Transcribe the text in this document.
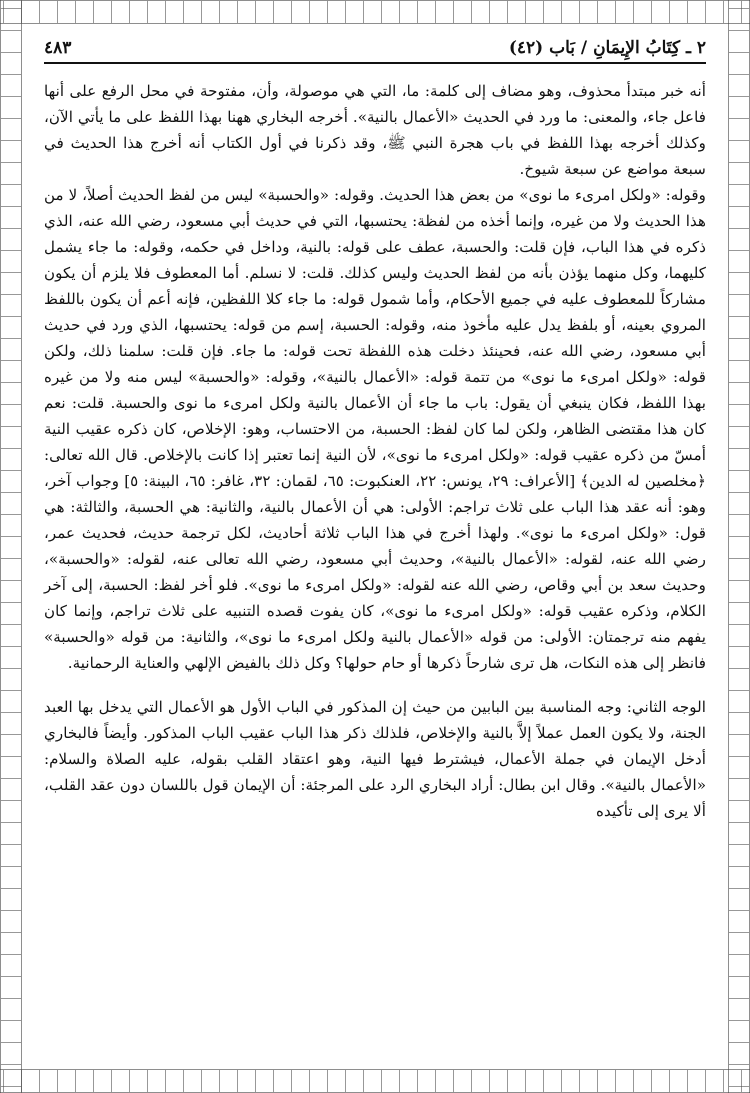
٢ ـ كِتَابُ الإِيمَانِ / بَاب (٤٢)
٤٨٣

أنه خبر مبتدأ محذوف، وهو مضاف إلى كلمة: ما، التي هي موصولة، وأن، مفتوحة في محل الرفع على أنها فاعل جاء، والمعنى: ما ورد في الحديث «الأعمال بالنية». أخرجه البخاري ههنا بهذا اللفظ على ما يأتي الآن، وكذلك أخرجه بهذا اللفظ في باب هجرة النبي ﷺ، وقد ذكرنا في أول الكتاب أنه أخرج هذا الحديث في سبعة مواضع عن سبعة شيوخ.

وقوله: «ولكل امرىء ما نوى» من بعض هذا الحديث. وقوله: «والحسبة» ليس من لفظ الحديث أصلاً، لا من هذا الحديث ولا من غيره، وإنما أخذه من لفظة: يحتسبها، التي في حديث أبي مسعود، رضي الله عنه، الذي ذكره في هذا الباب، فإن قلت: والحسبة، عطف على قوله: بالنية، وداخل في حكمه، وقوله: ما جاء يشمل كليهما، وكل منهما يؤذن بأنه من لفظ الحديث وليس كذلك. قلت: لا نسلم. أما المعطوف فلا يلزم أن يكون مشاركاً للمعطوف عليه في جميع الأحكام، وأما شمول قوله: ما جاء كلا اللفظين، فإنه أعم أن يكون باللفظ المروي بعينه، أو بلفظ يدل عليه مأخوذ منه، وقوله: الحسبة، إسم من قوله: يحتسبها، الذي ورد في حديث أبي مسعود، رضي الله عنه، فحينئذ دخلت هذه اللفظة تحت قوله: ما جاء. فإن قلت: سلمنا ذلك، ولكن قوله: «ولكل امرىء ما نوى» من تتمة قوله: «الأعمال بالنية»، وقوله: «والحسبة» ليس منه ولا من غيره بهذا اللفظ، فكان ينبغي أن يقول: باب ما جاء أن الأعمال بالنية ولكل امرىء ما نوى والحسبة. قلت: نعم كان هذا مقتضى الظاهر، ولكن لما كان لفظ: الحسبة، من الاحتساب، وهو: الإخلاص، كان ذكره عقيب النية أمسّ من ذكره عقيب قوله: «ولكل امرىء ما نوى»، لأن النية إنما تعتبر إذا كانت بالإخلاص. قال الله تعالى: ﴿مخلصين له الدين﴾ [الأعراف: ٢٩، يونس: ٢٢، العنكبوت: ٦٥، لقمان: ٣٢، غافر: ٦٥، البينة: ٥] وجواب آخر، وهو: أنه عقد هذا الباب على ثلاث تراجم: الأولى: هي أن الأعمال بالنية، والثانية: هي الحسبة، والثالثة: هي قول: «ولكل امرىء ما نوى». ولهذا أخرج في هذا الباب ثلاثة أحاديث، لكل ترجمة حديث، فحديث عمر، رضي الله عنه، لقوله: «الأعمال بالنية»، وحديث أبي مسعود، رضي الله تعالى عنه، لقوله: «والحسبة»، وحديث سعد بن أبي وقاص، رضي الله عنه لقوله: «ولكل امرىء ما نوى». فلو أخر لفظ: الحسبة، إلى آخر الكلام، وذكره عقيب قوله: «ولكل امرىء ما نوى»، كان يفوت قصده التنبيه على ثلاث تراجم، وإنما كان يفهم منه ترجمتان: الأولى: من قوله «الأعمال بالنية ولكل امرىء ما نوى»، والثانية: من قوله «والحسبة» فانظر إلى هذه النكات، هل ترى شارحاً ذكرها أو حام حولها؟ وكل ذلك بالفيض الإلهي والعناية الرحمانية.

الوجه الثاني: وجه المناسبة بين البابين من حيث إن المذكور في الباب الأول هو الأعمال التي يدخل بها العبد الجنة، ولا يكون العمل عملاً إلاَّ بالنية والإخلاص، فلذلك ذكر هذا الباب عقيب الباب المذكور. وأيضاً فالبخاري أدخل الإيمان في جملة الأعمال، فيشترط فيها النية، وهو اعتقاد القلب بقوله، عليه الصلاة والسلام: «الأعمال بالنية». وقال ابن بطال: أراد البخاري الرد على المرجئة: أن الإيمان قول باللسان دون عقد القلب، ألا يرى إلى تأكيده
